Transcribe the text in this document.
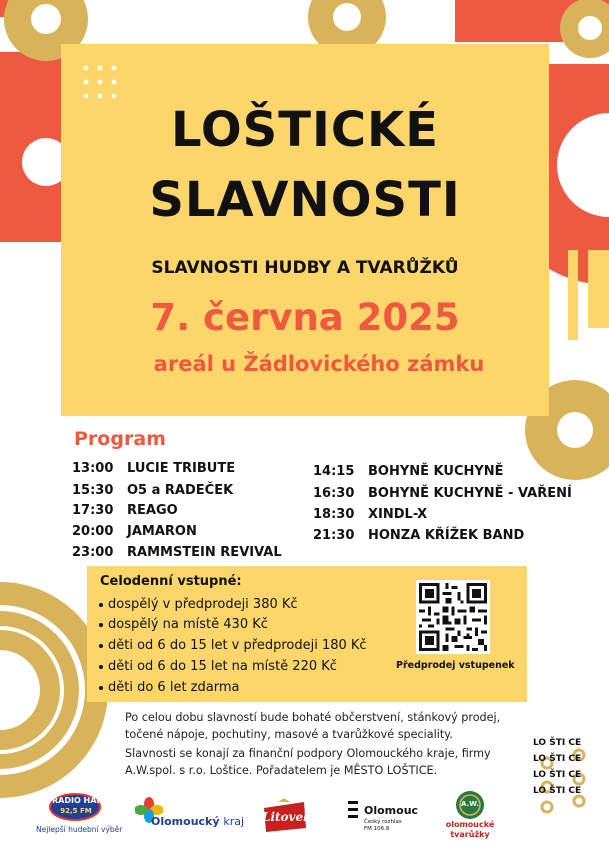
LOŠTICKÉ
SLAVNOSTI
SLAVNOSTI HUDBY A TVARŮŽKŮ
7. června 2025
areál u Žádlovického zámku
Program
13:00 LUCIE TRIBUTE
15:30 O5 a RADEČEK
17:30 REAGO
20:00 JAMARON
23:00 RAMMSTEIN REVIVAL
14:15 BOHYNĚ KUCHYNĚ
16:30 BOHYNĚ KUCHYNĚ - VAŘENÍ
18:30 XINDL-X
21:30 HONZA KŘÍŽEK BAND
Celodenní vstupné:
dospělý v předprodeji 380 Kč
dospělý na místě 430 Kč
děti od 6 do 15 let v předprodeji 180 Kč
děti od 6 do 15 let na místě 220 Kč
děti do 6 let zdarma
Předprodej vstupenek
Po celou dobu slavností bude bohaté občerstvení, stánkový prodej, točené nápoje, pochutiny, masové a tvarůžkové speciality.
Slavnosti se konají za finanční podpory Olomouckého kraje, firmy A.W.spol. s r.o. Loštice. Pořadatelem je MĚSTO LOŠTICE.
LO ŠTI CE
LO ŠTI CE
LO ŠTI CE
LO ŠTI CE
RADIO HANÁ
92,5 FM
Nejlepší hudební výběr
Olomoucký kraj Litovel	Olomouc
Český rozhlas
FM 106.8
A.W.
olomoucké
tvarůžky
